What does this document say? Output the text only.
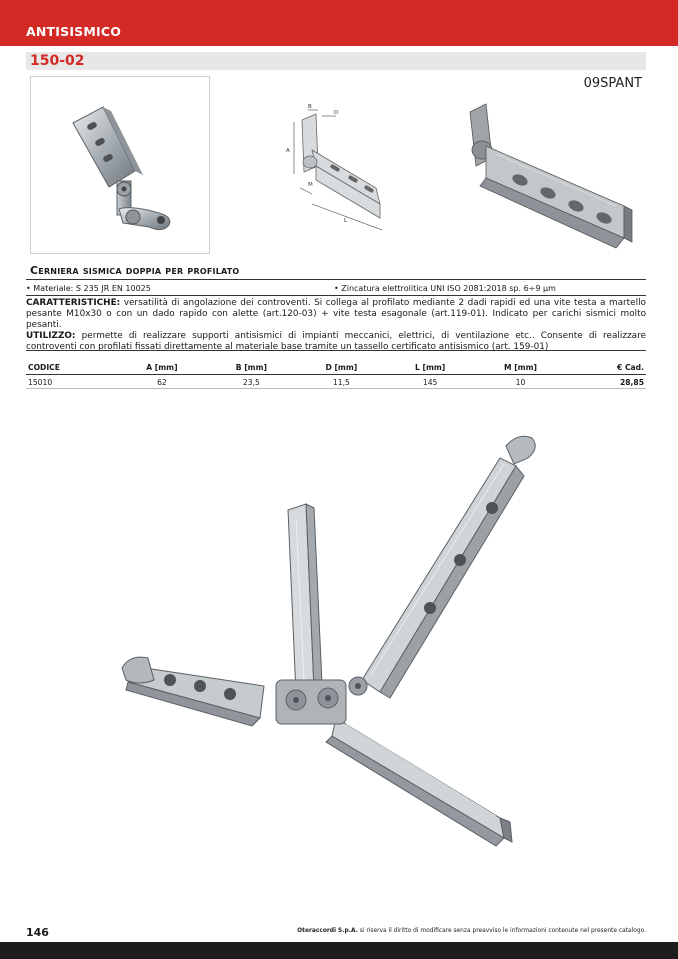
ANTISISMICO
150-02
09SPANT
A
B
D
M
L
Cerniera sismica doppia per profilato
• Materiale: S 235 JR EN 10025	• Zincatura elettrolitica UNI ISO 2081:2018 sp. 6÷9 µm

CARATTERISTICHE: versatilità di angolazione dei controventi. Si collega al profilato mediante 2 dadi rapidi ed una vite testa a martello pesante M10x30 o con un dado rapido con alette (art.120-03) + vite testa esagonale (art.119-01). Indicato per carichi sismici molto pesanti.

UTILIZZO: permette di realizzare supporti antisismici di impianti meccanici, elettrici, di ventilazione etc.. Consente di realizzare controventi con profilati fissati direttamente al materiale base tramite un tassello certificato antisismico (art. 159-01)

CODICE	A [mm]	B [mm]	D [mm]	L [mm]	M [mm]	€ Cad.
15010	62	23,5	11,5	145	10	28,85
146	Oteraccordi S.p.A. si riserva il diritto di modificare senza preavviso le informazioni contenute nel presente catalogo.
